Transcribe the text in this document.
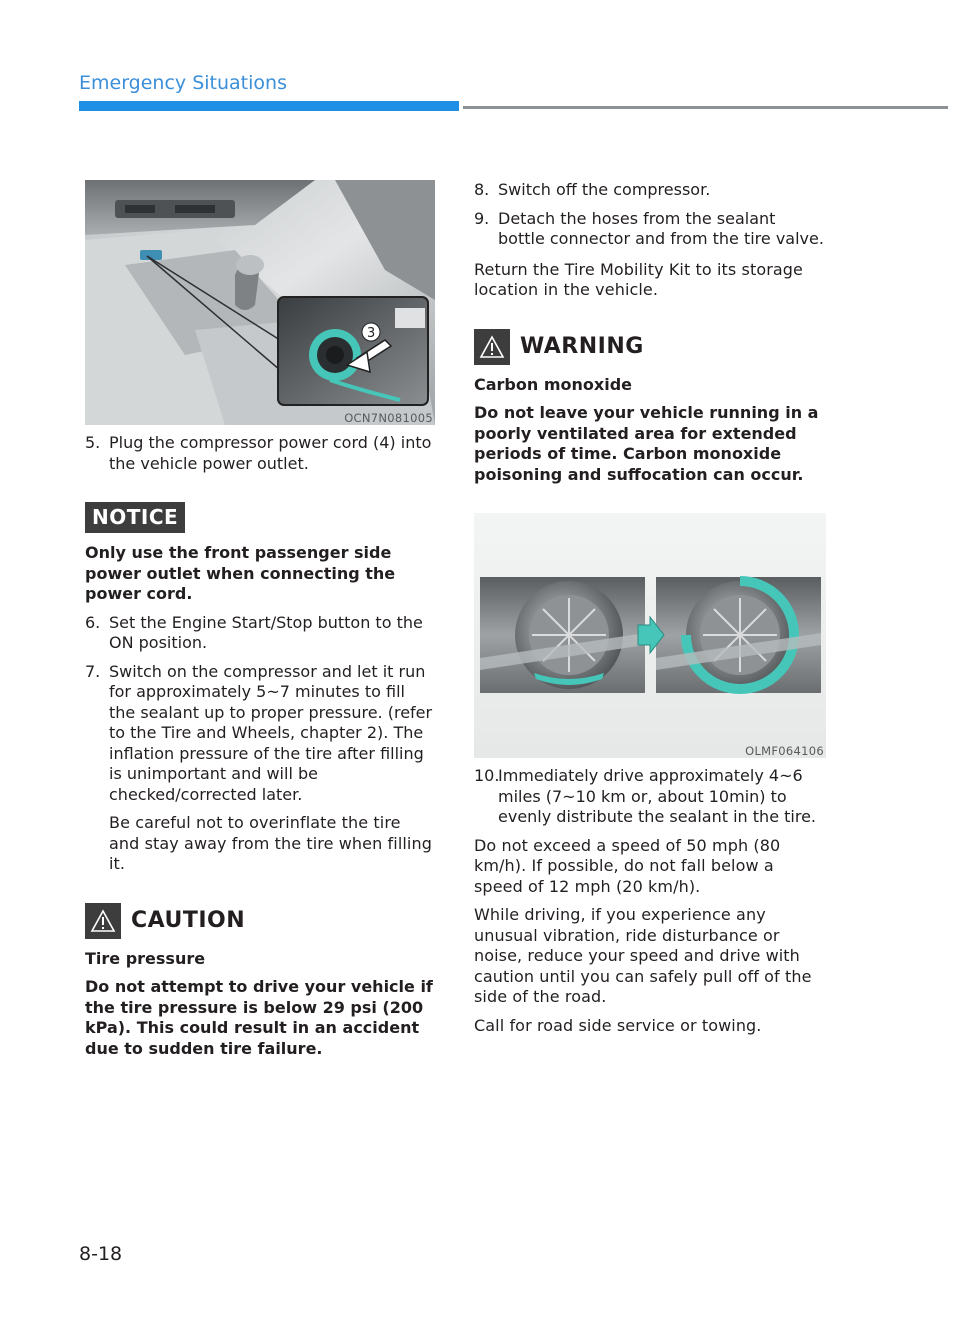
Emergency Situations
3
OCN7N081005
5. Plug the compressor power cord (4) into the vehicle power outlet.
NOTICE

Only use the front passenger side power outlet when connecting the power cord.

6. Set the Engine Start/Stop button to the ON position.
7. Switch on the compressor and let it run for approximately 5~7 minutes to fill the sealant up to proper pressure. (refer to the Tire and Wheels, chapter 2). The inflation pressure of the tire after filling is unimportant and will be checked/corrected later.

Be careful not to overinflate the tire and stay away from the tire when filling it.

CAUTION

Tire pressure

Do not attempt to drive your vehicle if the tire pressure is below 29 psi (200 kPa). This could result in an accident due to sudden tire failure.

8. Switch off the compressor.
9. Detach the hoses from the sealant bottle connector and from the tire valve.

Return the Tire Mobility Kit to its storage location in the vehicle.

WARNING

Carbon monoxide

Do not leave your vehicle running in a poorly ventilated area for extended periods of time. Carbon monoxide poisoning and suffocation can occur.

OLMF064106
10.
Immediately drive approximately 4~6 miles (7~10 km or, about 10min) to evenly distribute the sealant in the tire.

Do not exceed a speed of 50 mph (80 km/h). If possible, do not fall below a speed of 12 mph (20 km/h).

While driving, if you experience any unusual vibration, ride disturbance or noise, reduce your speed and drive with caution until you can safely pull off of the side of the road.

Call for road side service or towing.

8-18
